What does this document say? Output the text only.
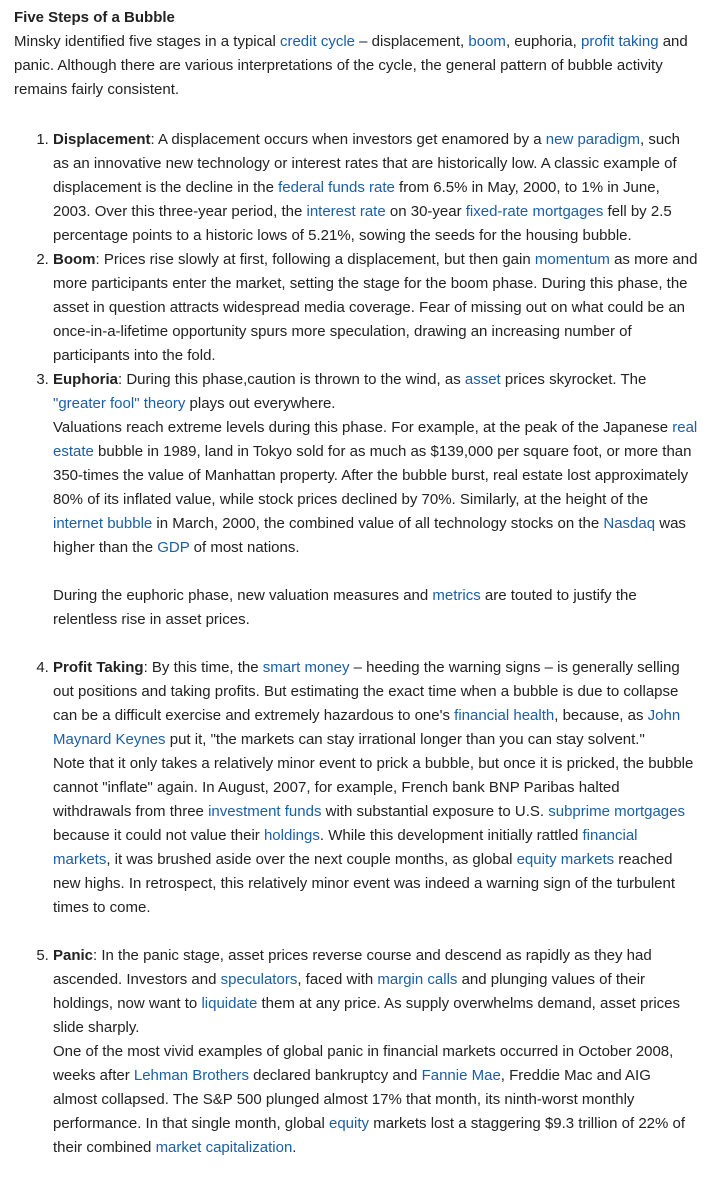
Five Steps of a Bubble

Minsky identified five stages in a typical credit cycle – displacement, boom, euphoria, profit taking and panic. Although there are various interpretations of the cycle, the general pattern of bubble activity remains fairly consistent.

1. Displacement: A displacement occurs when investors get enamored by a new paradigm, such as an innovative new technology or interest rates that are historically low. A classic example of displacement is the decline in the federal funds rate from 6.5% in May, 2000, to 1% in June, 2003. Over this three-year period, the interest rate on 30-year fixed-rate mortgages fell by 2.5 percentage points to a historic lows of 5.21%, sowing the seeds for the housing bubble.

2. Boom: Prices rise slowly at first, following a displacement, but then gain momentum as more and more participants enter the market, setting the stage for the boom phase. During this phase, the asset in question attracts widespread media coverage. Fear of missing out on what could be an once-in-a-lifetime opportunity spurs more speculation, drawing an increasing number of participants into the fold.

3. Euphoria: During this phase,caution is thrown to the wind, as asset prices skyrocket. The "greater fool" theory plays out everywhere.

Valuations reach extreme levels during this phase. For example, at the peak of the Japanese real estate bubble in 1989, land in Tokyo sold for as much as $139,000 per square foot, or more than 350-times the value of Manhattan property. After the bubble burst, real estate lost approximately 80% of its inflated value, while stock prices declined by 70%. Similarly, at the height of the internet bubble in March, 2000, the combined value of all technology stocks on the Nasdaq was higher than the GDP of most nations.

During the euphoric phase, new valuation measures and metrics are touted to justify the relentless rise in asset prices.

4. Profit Taking: By this time, the smart money – heeding the warning signs – is generally selling out positions and taking profits. But estimating the exact time when a bubble is due to collapse can be a difficult exercise and extremely hazardous to one's financial health, because, as John Maynard Keynes put it, "the markets can stay irrational longer than you can stay solvent."

Note that it only takes a relatively minor event to prick a bubble, but once it is pricked, the bubble cannot "inflate" again. In August, 2007, for example, French bank BNP Paribas halted withdrawals from three investment funds with substantial exposure to U.S. subprime mortgages because it could not value their holdings. While this development initially rattled financial markets, it was brushed aside over the next couple months, as global equity markets reached new highs. In retrospect, this relatively minor event was indeed a warning sign of the turbulent times to come.

5. Panic: In the panic stage, asset prices reverse course and descend as rapidly as they had ascended. Investors and speculators, faced with margin calls and plunging values of their holdings, now want to liquidate them at any price. As supply overwhelms demand, asset prices slide sharply.

One of the most vivid examples of global panic in financial markets occurred in October 2008, weeks after Lehman Brothers declared bankruptcy and Fannie Mae, Freddie Mac and AIG almost collapsed. The S&P 500 plunged almost 17% that month, its ninth-worst monthly performance. In that single month, global equity markets lost a staggering $9.3 trillion of 22% of their combined market capitalization.
